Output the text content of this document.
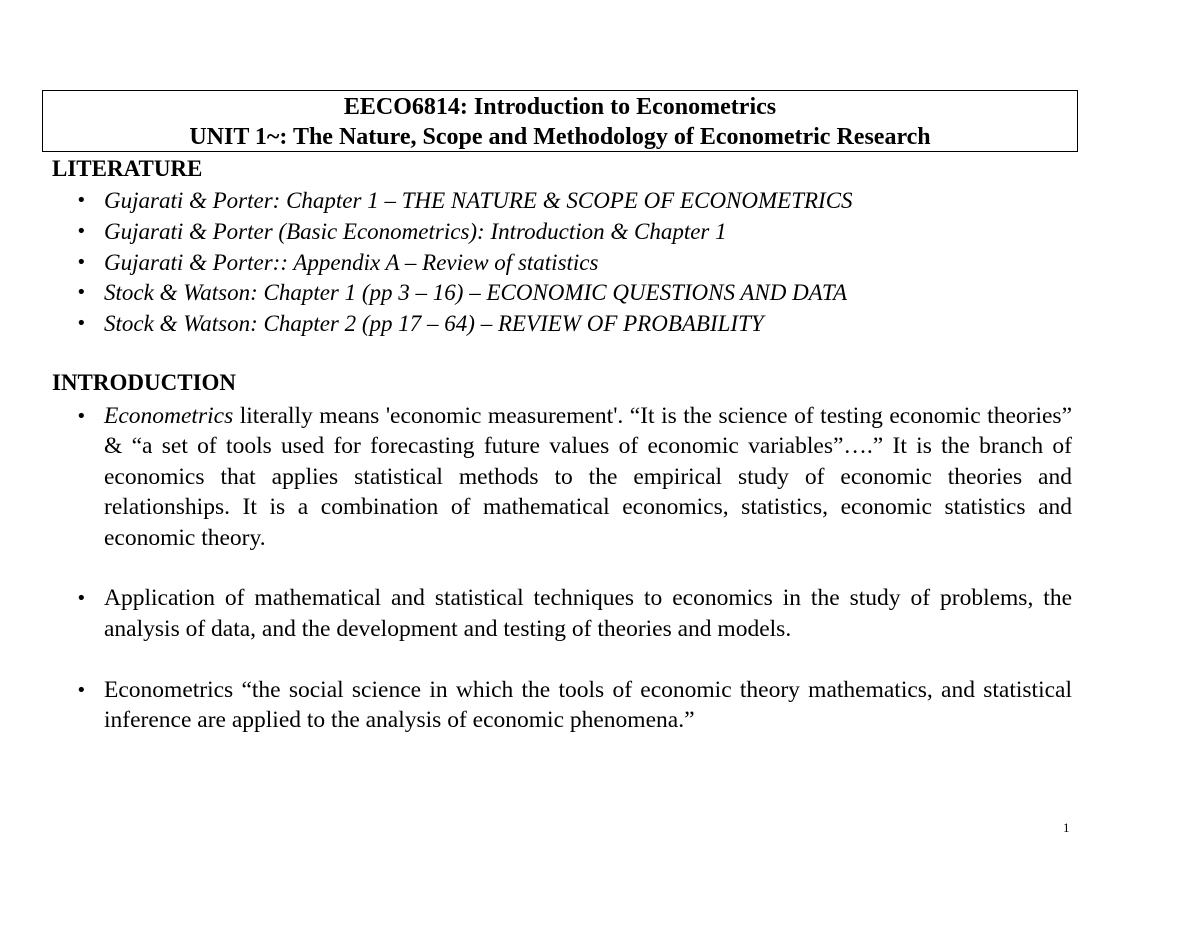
EECO6814: Introduction to Econometrics

UNIT 1~: The Nature, Scope and Methodology of Econometric Research

LITERATURE
• Gujarati & Porter: Chapter 1 – THE NATURE & SCOPE OF ECONOMETRICS
• Gujarati & Porter (Basic Econometrics): Introduction & Chapter 1
• Gujarati & Porter:: Appendix A – Review of statistics
• Stock & Watson: Chapter 1 (pp 3 – 16) – ECONOMIC QUESTIONS AND DATA
• Stock & Watson: Chapter 2 (pp 17 – 64) – REVIEW OF PROBABILITY
INTRODUCTION
• Econometrics literally means 'economic measurement'. “It is the science of testing economic theories” & “a set of tools used for forecasting future values of economic variables”….” It is the branch of economics that applies statistical methods to the empirical study of economic theories and relationships. It is a combination of mathematical economics, statistics, economic statistics and economic theory.
• Application of mathematical and statistical techniques to economics in the study of problems, the analysis of data, and the development and testing of theories and models.
• Econometrics “the social science in which the tools of economic theory mathematics, and statistical inference are applied to the analysis of economic phenomena.”
1
